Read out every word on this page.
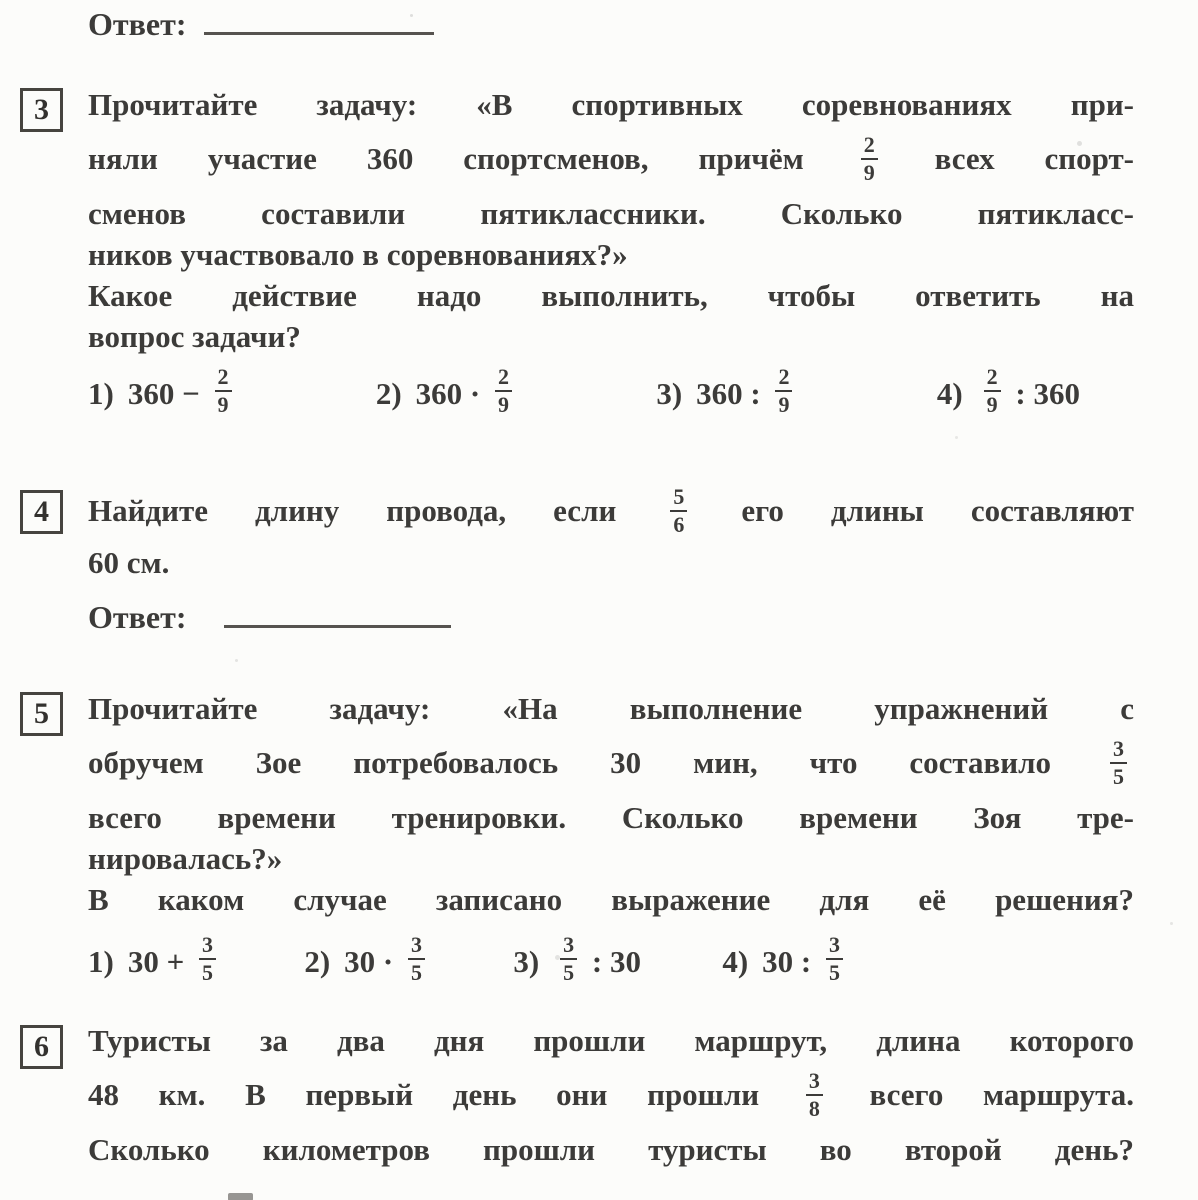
Ответ:
3	Прочитайте задачу: «В спортивных соревнованиях при-
няли участие 360 спортсменов, причём	$\frac{2}{9}$ всех спорт-
сменов составили пятиклассники. Сколько пятикласс-
ников участвовало в соревнованиях?»
Какое действие надо выполнить, чтобы ответить на
вопрос задачи?
1) $360 - \frac{2}{9}$	2) $360 \cdot \frac{2}{9}$	3) 360 : $\frac{2}{9}$	$4) \frac{2}{9}$ : 360
4	Найдите длину провода, если $\frac{5}{6}$ его длины составляют
60 см.
Ответ:
5	Прочитайте задачу: «На выполнение упражнений с
обручем Зое потребовалось 30 мин, что составило	$\frac{3}{5}$
всего времени тренировки. Сколько времени Зоя тре-
нировалась?»
В каком случае записано выражение для её решения?
1) $30 + \frac{3}{5}$	2) $30 \cdot \frac{3}{5}$	$3) \frac{3}{5}$ : 30	4) 30 : $\frac{3}{5}$
6	Туристы за два дня прошли маршрут, длина которого
48 км. В первый день они прошли $\frac{3}{8}$ всего маршрута.
Сколько километров прошли туристы во второй день?
